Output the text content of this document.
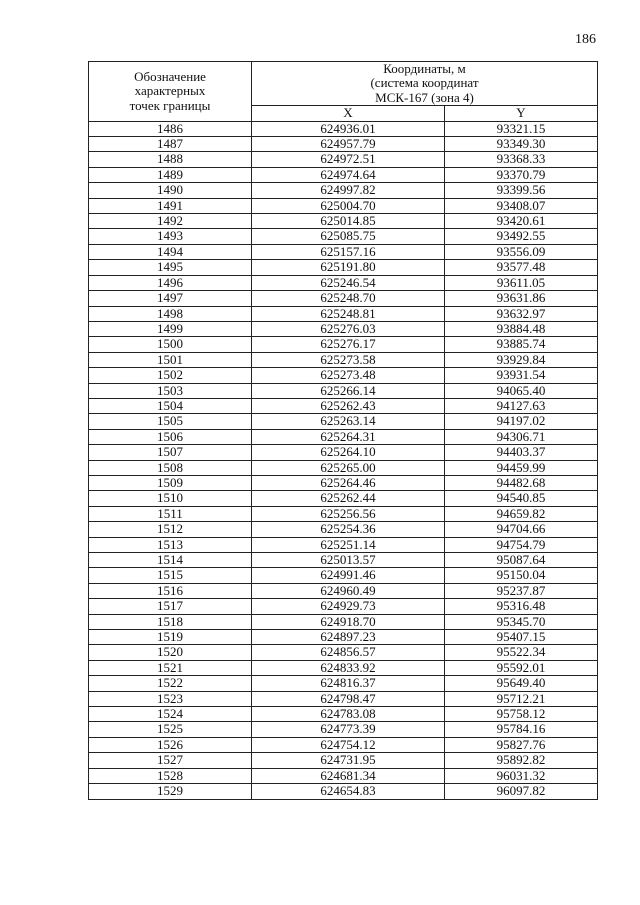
186
Обозначение
характерных
точек границы	Координаты, м
(система координат
МСК-167 (зона 4)	

	X	Y
1486	624936.01	93321.15
1487	624957.79	93349.30
1488	624972.51	93368.33
1489	624974.64	93370.79
1490	624997.82	93399.56
1491	625004.70	93408.07
1492	625014.85	93420.61
1493	625085.75	93492.55
1494	625157.16	93556.09
1495	625191.80	93577.48
1496	625246.54	93611.05
1497	625248.70	93631.86
1498	625248.81	93632.97
1499	625276.03	93884.48
1500	625276.17	93885.74
1501	625273.58	93929.84
1502	625273.48	93931.54
1503	625266.14	94065.40
1504	625262.43	94127.63
1505	625263.14	94197.02
1506	625264.31	94306.71
1507	625264.10	94403.37
1508	625265.00	94459.99
1509	625264.46	94482.68
1510	625262.44	94540.85
1511	625256.56	94659.82
1512	625254.36	94704.66
1513	625251.14	94754.79
1514	625013.57	95087.64
1515	624991.46	95150.04
1516	624960.49	95237.87
1517	624929.73	95316.48
1518	624918.70	95345.70
1519	624897.23	95407.15
1520	624856.57	95522.34
1521	624833.92	95592.01
1522	624816.37	95649.40
1523	624798.47	95712.21
1524	624783.08	95758.12
1525	624773.39	95784.16
1526	624754.12	95827.76
1527	624731.95	95892.82
1528	624681.34	96031.32
1529	624654.83	96097.82
